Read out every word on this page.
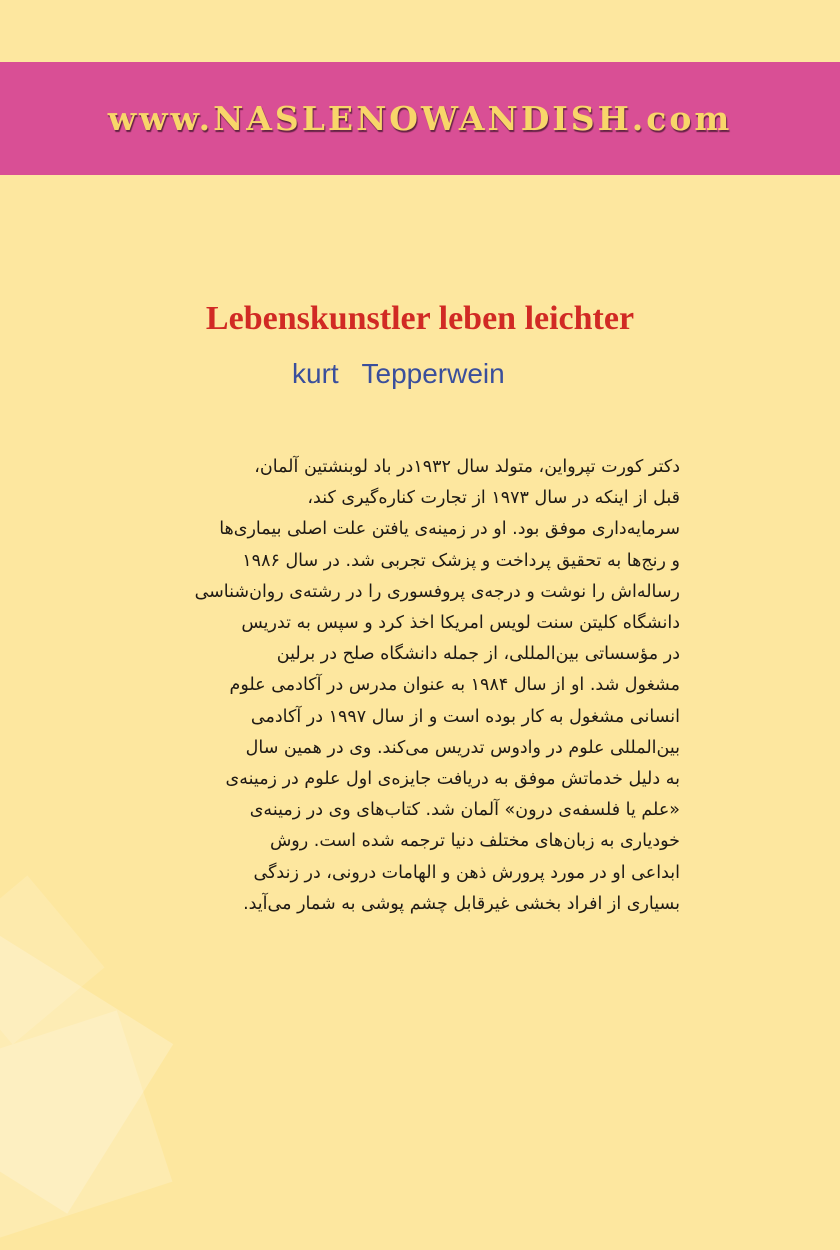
www.NASLENOWANDISH.com
Lebenskunstler leben leichter

kurt   Tepperwein

دکتر کورت تپرواین، متولد سال ۱۹۳۲در باد لوبنشتین آلمان،
قبل از اینکه در سال ۱۹۷۳ از تجارت کناره‌گیری کند،
سرمایه‌داری موفق بود. او در زمینه‌ی یافتن علت اصلی بیماری‌ها
و رنج‌ها به تحقیق پرداخت و پزشک تجربی شد. در سال ۱۹۸۶
رساله‌اش را نوشت و درجه‌ی پروفسوری را در رشته‌ی روان‌شناسی
دانشگاه کلیتن سنت لویس امریکا اخذ کرد و سپس به تدریس
در مؤسساتی بین‌المللی، از جمله دانشگاه صلح در برلین
مشغول شد. او از سال ۱۹۸۴ به عنوان مدرس در آکادمی علوم
انسانی مشغول به کار بوده است و از سال ۱۹۹۷ در آکادمی
بین‌المللی علوم در وادوس تدریس می‌کند. وی در همین سال
به دلیل خدماتش موفق به دریافت جایزه‌ی اول علوم در زمینه‌ی
«علم یا فلسفه‌ی درون» آلمان شد. کتاب‌های وی در زمینه‌ی
خودیاری به زبان‌های مختلف دنیا ترجمه شده است. روش
ابداعی او در مورد پرورش ذهن و الهامات درونی، در زندگی
بسیاری از افراد بخشی غیرقابل چشم پوشی به شمار می‌آید.
